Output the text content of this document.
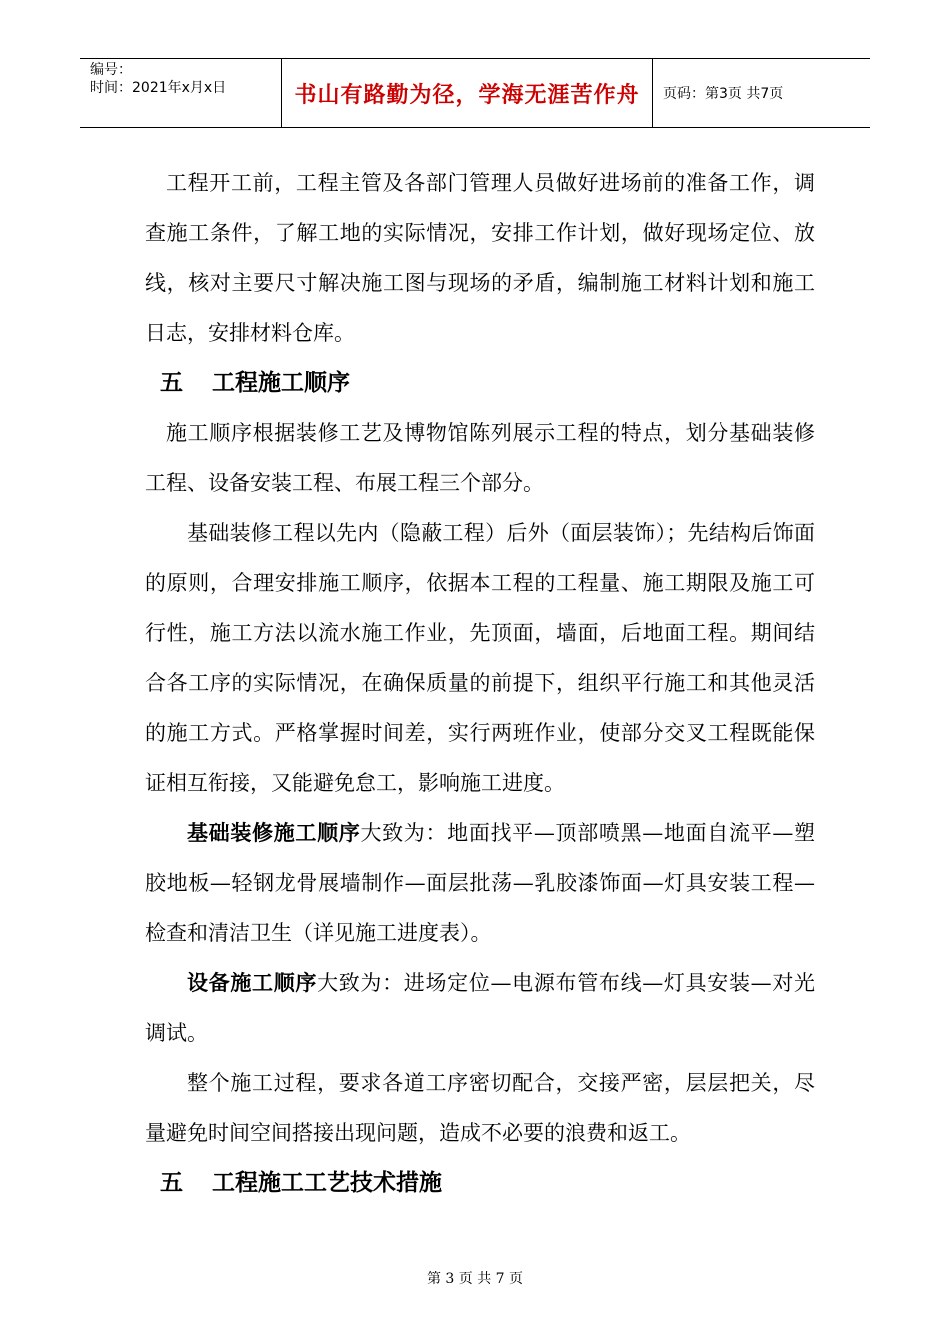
编号：
时间：2021年x月x日	书山有路勤为径，学海无涯苦作舟 页码：第3页 共7页

工程开工前，工程主管及各部门管理人员做好进场前的准备工作，调查施工条件，了解工地的实际情况，安排工作计划，做好现场定位、放线，核对主要尺寸解决施工图与现场的矛盾，编制施工材料计划和施工日志，安排材料仓库。

五 工程施工顺序

施工顺序根据装修工艺及博物馆陈列展示工程的特点，划分基础装修工程、设备安装工程、布展工程三个部分。

基础装修工程以先内（隐蔽工程）后外（面层装饰）；先结构后饰面的原则，合理安排施工顺序，依据本工程的工程量、施工期限及施工可行性，施工方法以流水施工作业，先顶面，墙面，后地面工程。期间结合各工序的实际情况，在确保质量的前提下，组织平行施工和其他灵活的施工方式。严格掌握时间差，实行两班作业，使部分交叉工程既能保证相互衔接，又能避免怠工，影响施工进度。

基础装修施工顺序大致为：地面找平—顶部喷黑—地面自流平—塑胶地板—轻钢龙骨展墙制作—面层批荡—乳胶漆饰面—灯具安装工程—检查和清洁卫生（详见施工进度表）。

设备施工顺序大致为：进场定位—电源布管布线—灯具安装—对光调试。

整个施工过程，要求各道工序密切配合，交接严密，层层把关，尽量避免时间空间搭接出现问题，造成不必要的浪费和返工。

五 工程施工工艺技术措施
第 3 页 共 7 页
